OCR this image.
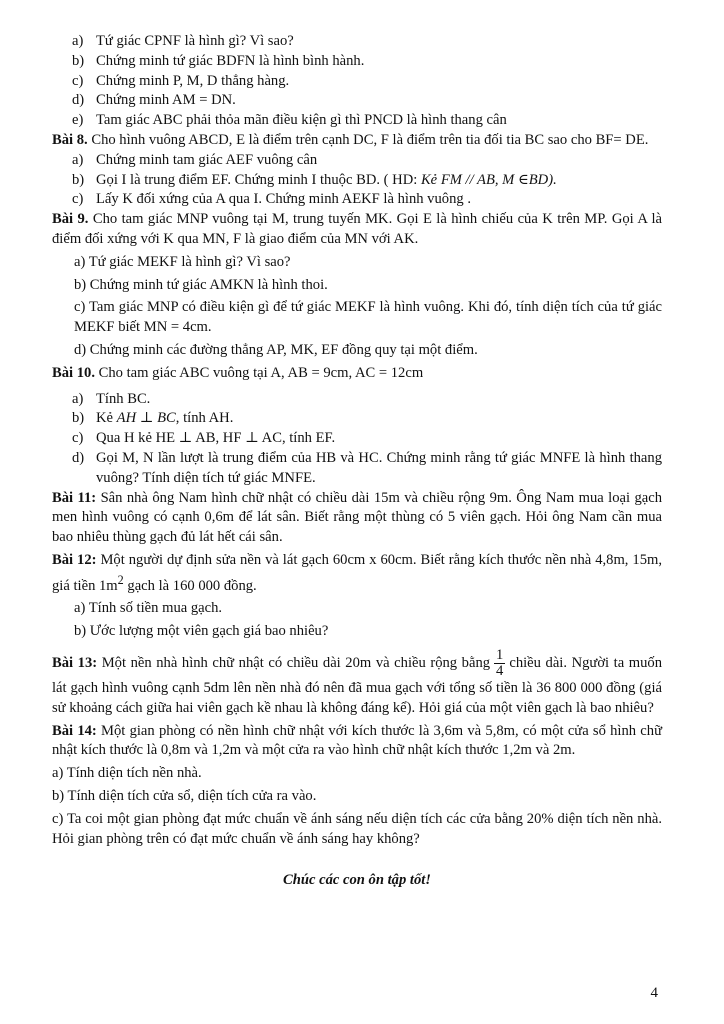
a) Tứ giác CPNF là hình gì? Vì sao?

b) Chứng minh tứ giác BDFN là hình bình hành.

c) Chứng minh P, M, D thẳng hàng.

d) Chứng minh AM = DN.

e) Tam giác ABC phải thỏa mãn điều kiện gì thì PNCD là hình thang cân

Bài 8. Cho hình vuông ABCD, E là điểm trên cạnh DC, F là điểm trên tia đối tia BC sao cho BF= DE.

a) Chứng minh tam giác AEF vuông cân

b) Gọi I là trung điểm EF. Chứng minh I thuộc BD. ( HD: Kẻ FM // AB, M ∈BD).

c) Lấy K đối xứng của A qua I. Chứng minh AEKF là hình vuông .

Bài 9. Cho tam giác MNP vuông tại M, trung tuyến MK. Gọi E là hình chiếu của K trên MP. Gọi A là điểm đối xứng với K qua MN, F là giao điểm của MN với AK.

a) Tứ giác MEKF là hình gì? Vì sao?

b) Chứng minh tứ giác AMKN là hình thoi.

c) Tam giác MNP có điều kiện gì để tứ giác MEKF là hình vuông. Khi đó, tính diện tích của tứ giác MEKF biết MN = 4cm.

d) Chứng minh các đường thẳng AP, MK, EF đồng quy tại một điểm.

Bài 10. Cho tam giác ABC vuông tại A, AB = 9cm, AC = 12cm

a) Tính BC.

b) Kẻ AH ⊥ BC, tính AH.

c) Qua H kẻ HE ⊥ AB, HF ⊥ AC, tính EF.

d) Gọi M, N lần lượt là trung điểm của HB và HC. Chứng minh rằng tứ giác MNFE là hình thang vuông? Tính diện tích tứ giác MNFE.

Bài 11: Sân nhà ông Nam hình chữ nhật có chiều dài 15m và chiều rộng 9m. Ông Nam mua loại gạch men hình vuông có cạnh 0,6m để lát sân. Biết rằng một thùng có 5 viên gạch. Hỏi ông Nam cần mua bao nhiêu thùng gạch đủ lát hết cái sân.

Bài 12: Một người dự định sửa nền và lát gạch 60cm x 60cm. Biết rằng kích thước nền nhà 4,8m, 15m, giá tiền $1m^2$ gạch là 160 000 đồng.

a) Tính số tiền mua gạch.

b) Ước lượng một viên gạch giá bao nhiêu?

Bài 13: Một nền nhà hình chữ nhật có chiều dài 20m và chiều rộng bằng $\frac{1}{4}$ chiều dài. Người ta muốn lát gạch hình vuông cạnh 5dm lên nền nhà đó nên đã mua gạch với tổng số tiền là 36 800 000 đồng (giá sử khoảng cách giữa hai viên gạch kề nhau là không đáng kể). Hỏi giá của một viên gạch là bao nhiêu?

Bài 14: Một gian phòng có nền hình chữ nhật với kích thước là 3,6m và 5,8m, có một cửa sổ hình chữ nhật kích thước là 0,8m và 1,2m và một cửa ra vào hình chữ nhật kích thước 1,2m và 2m.

a) Tính diện tích nền nhà.

b) Tính diện tích cửa sổ, diện tích cửa ra vào.

c) Ta coi một gian phòng đạt mức chuẩn về ánh sáng nếu diện tích các cửa bằng 20% diện tích nền nhà. Hỏi gian phòng trên có đạt mức chuẩn về ánh sáng hay không?

Chúc các con ôn tập tốt!

4
